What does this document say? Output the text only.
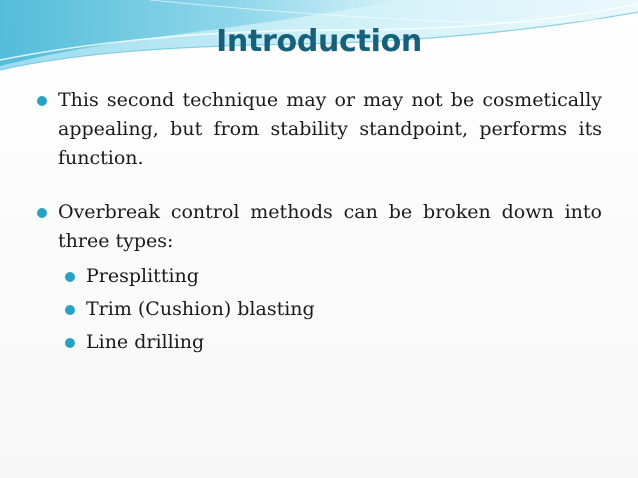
Introduction
This second technique may or may not be cosmetically appealing, but from stability standpoint, performs its function.
Overbreak control methods can be broken down into three types:
Presplitting
Trim (Cushion) blasting
Line drilling
